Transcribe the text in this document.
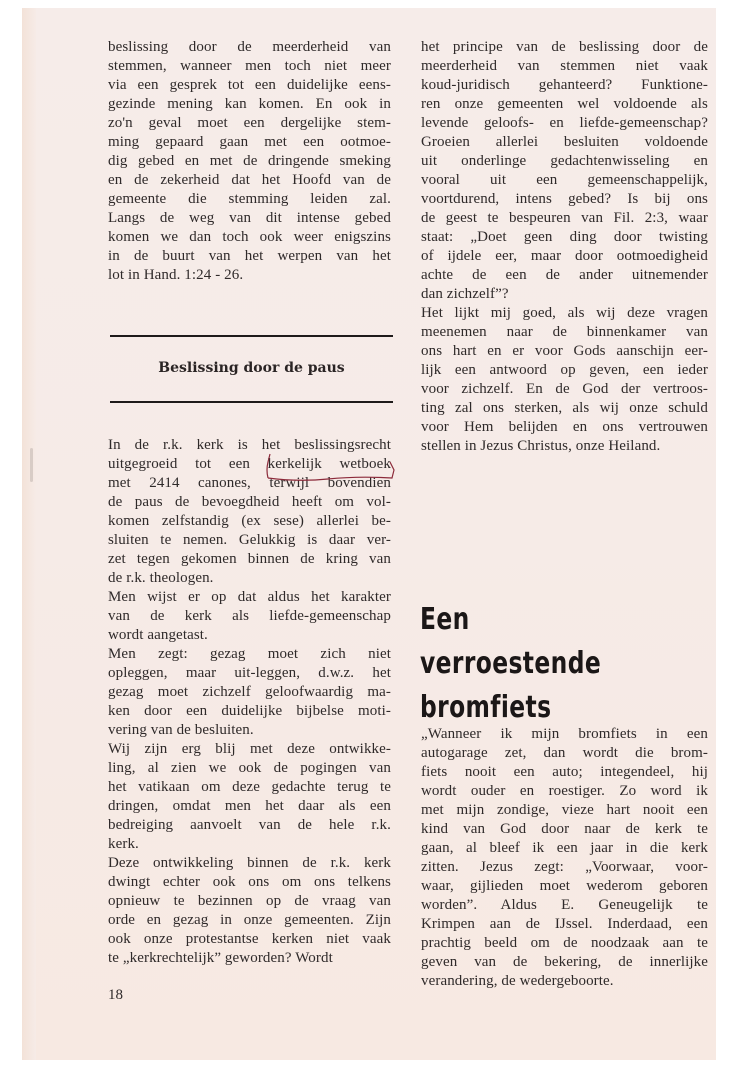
beslissing door de meerderheid van
stemmen, wanneer men toch niet meer
via een gesprek tot een duidelijke eens-
gezinde mening kan komen. En ook in
zo'n geval moet een dergelijke stem-
ming gepaard gaan met een ootmoe-
dig gebed en met de dringende smeking
en de zekerheid dat het Hoofd van de
gemeente die stemming leiden zal.
Langs de weg van dit intense gebed
komen we dan toch ook weer enigszins
in de buurt van het werpen van het
lot in Hand. 1:24 - 26.
Beslissing door de paus
In de r.k. kerk is het beslissingsrecht
uitgegroeid tot een kerkelijk wetboek
met 2414 canones, terwijl bovendien
de paus de bevoegdheid heeft om vol-
komen zelfstandig (ex sese) allerlei be-
sluiten te nemen. Gelukkig is daar ver-
zet tegen gekomen binnen de kring van
de r.k. theologen.
Men wijst er op dat aldus het karakter
van de kerk als liefde-gemeenschap
wordt aangetast.
Men zegt: gezag moet zich niet
opleggen, maar uit-leggen, d.w.z. het
gezag moet zichzelf geloofwaardig ma-
ken door een duidelijke bijbelse moti-
vering van de besluiten.
Wij zijn erg blij met deze ontwikke-
ling, al zien we ook de pogingen van
het vatikaan om deze gedachte terug te
dringen, omdat men het daar als een
bedreiging aanvoelt van de hele r.k.
kerk.
Deze ontwikkeling binnen de r.k. kerk
dwingt echter ook ons om ons telkens
opnieuw te bezinnen op de vraag van
orde en gezag in onze gemeenten. Zijn
ook onze protestantse kerken niet vaak
te „kerkrechtelijk” geworden? Wordt
het principe van de beslissing door de
meerderheid van stemmen niet vaak
koud-juridisch gehanteerd? Funktione-
ren onze gemeenten wel voldoende als
levende geloofs- en liefde-gemeenschap?
Groeien allerlei besluiten voldoende
uit onderlinge gedachtenwisseling en
vooral uit een gemeenschappelijk,
voortdurend, intens gebed? Is bij ons
de geest te bespeuren van Fil. 2:3, waar
staat: „Doet geen ding door twisting
of ijdele eer, maar door ootmoedigheid
achte de een de ander uitnemender
dan zichzelf”?
Het lijkt mij goed, als wij deze vragen
meenemen naar de binnenkamer van
ons hart en er voor Gods aanschijn eer-
lijk een antwoord op geven, een ieder
voor zichzelf. En de God der vertroos-
ting zal ons sterken, als wij onze schuld
voor Hem belijden en ons vertrouwen
stellen in Jezus Christus, onze Heiland.
Een verroestende
bromfiets
„Wanneer ik mijn bromfiets in een
autogarage zet, dan wordt die brom-
fiets nooit een auto; integendeel, hij
wordt ouder en roestiger. Zo word ik
met mijn zondige, vieze hart nooit een
kind van God door naar de kerk te
gaan, al bleef ik een jaar in die kerk
zitten. Jezus zegt: „Voorwaar, voor-
waar, gijlieden moet wederom geboren
worden”. Aldus E. Geneugelijk te
Krimpen aan de IJssel. Inderdaad, een
prachtig beeld om de noodzaak aan te
geven van de bekering, de innerlijke
verandering, de wedergeboorte.
18
